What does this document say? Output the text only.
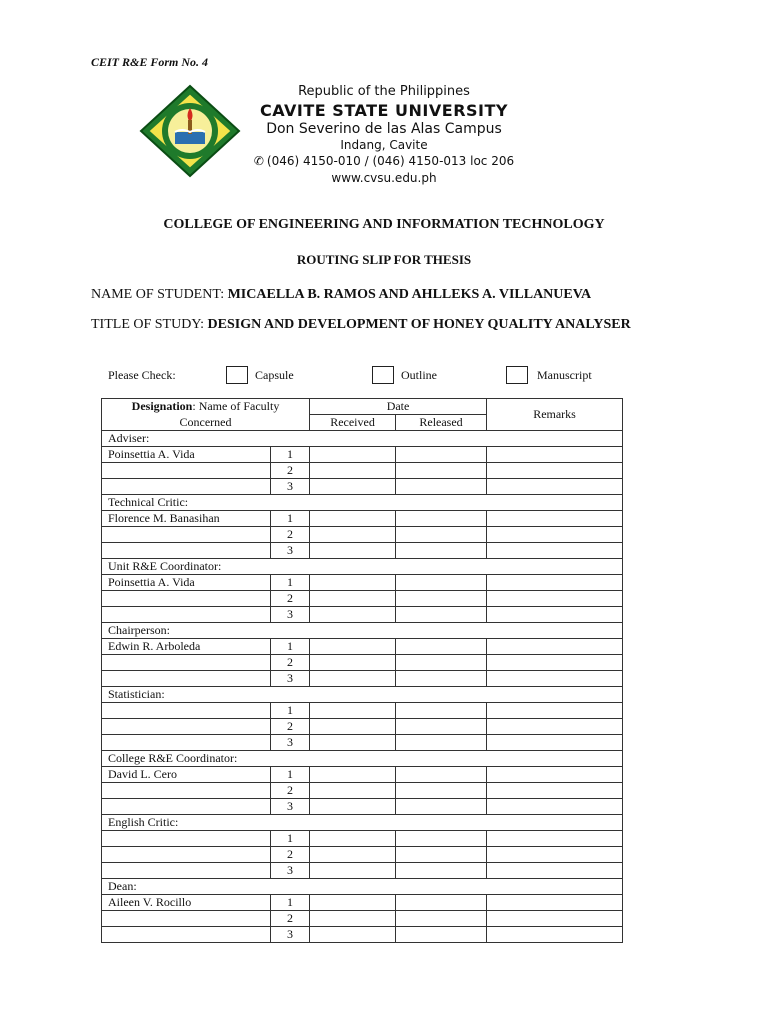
CEIT R&E Form No. 4
Republic of the Philippines
CAVITE STATE UNIVERSITY
Don Severino de las Alas Campus
Indang, Cavite
✆ (046) 4150-010 / (046) 4150-013 loc 206
www.cvsu.edu.ph
COLLEGE OF ENGINEERING AND INFORMATION TECHNOLOGY
ROUTING SLIP FOR THESIS
NAME OF STUDENT: MICAELLA B. RAMOS AND AHLLEKS A. VILLANUEVA
TITLE OF STUDY: DESIGN AND DEVELOPMENT OF HONEY QUALITY ANALYSER
Please Check:	Capsule	Outline	Manuscript
Designation: Name of Faculty		Date		Remarks
Concerned		Received	Released	
Adviser:				
Poinsettia A. Vida	1			
	2			
	3			
Technical Critic:				
Florence M. Banasihan	1			
	2			
	3			
Unit R&E Coordinator:				
Poinsettia A. Vida	1			
	2			
	3			
Chairperson:				
Edwin R. Arboleda	1			
	2			
	3			
Statistician:				
	1			
	2			
	3			
College R&E Coordinator:				
David L. Cero	1			
	2			
	3			
English Critic:				
	1			
	2			
	3			
Dean:				
Aileen V. Rocillo	1			
	2			
	3			
